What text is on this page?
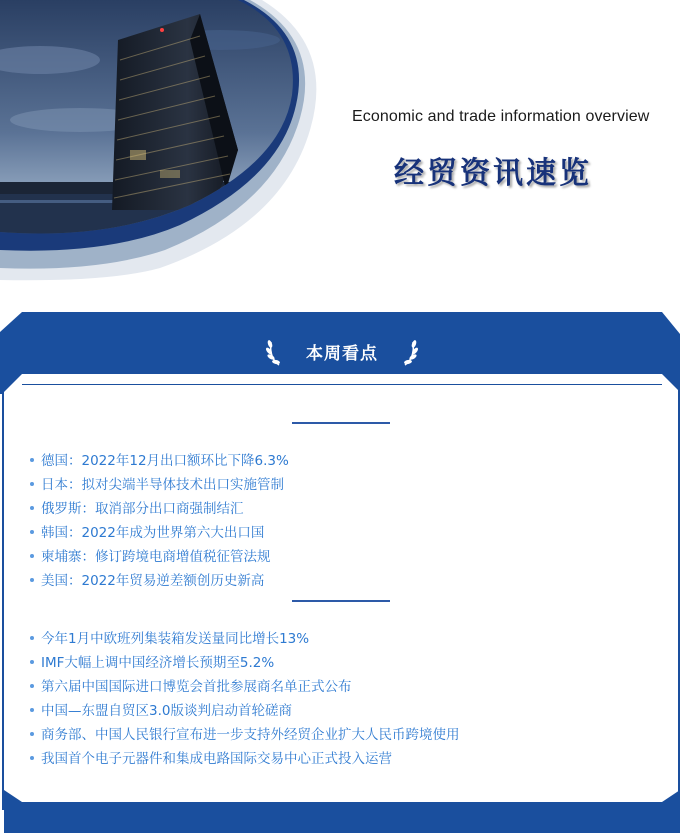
Economic and trade information overview
经贸资讯速览
本周看点
德国：2022年12月出口额环比下降6.3%
日本：拟对尖端半导体技术出口实施管制
俄罗斯：取消部分出口商强制结汇
韩国：2022年成为世界第六大出口国
柬埔寨：修订跨境电商增值税征管法规
美国：2022年贸易逆差额创历史新高
今年1月中欧班列集装箱发送量同比增长13%
IMF大幅上调中国经济增长预期至5.2%
第六届中国国际进口博览会首批参展商名单正式公布
中国—东盟自贸区3.0版谈判启动首轮磋商
商务部、中国人民银行宣布进一步支持外经贸企业扩大人民币跨境使用
我国首个电子元器件和集成电路国际交易中心正式投入运营
